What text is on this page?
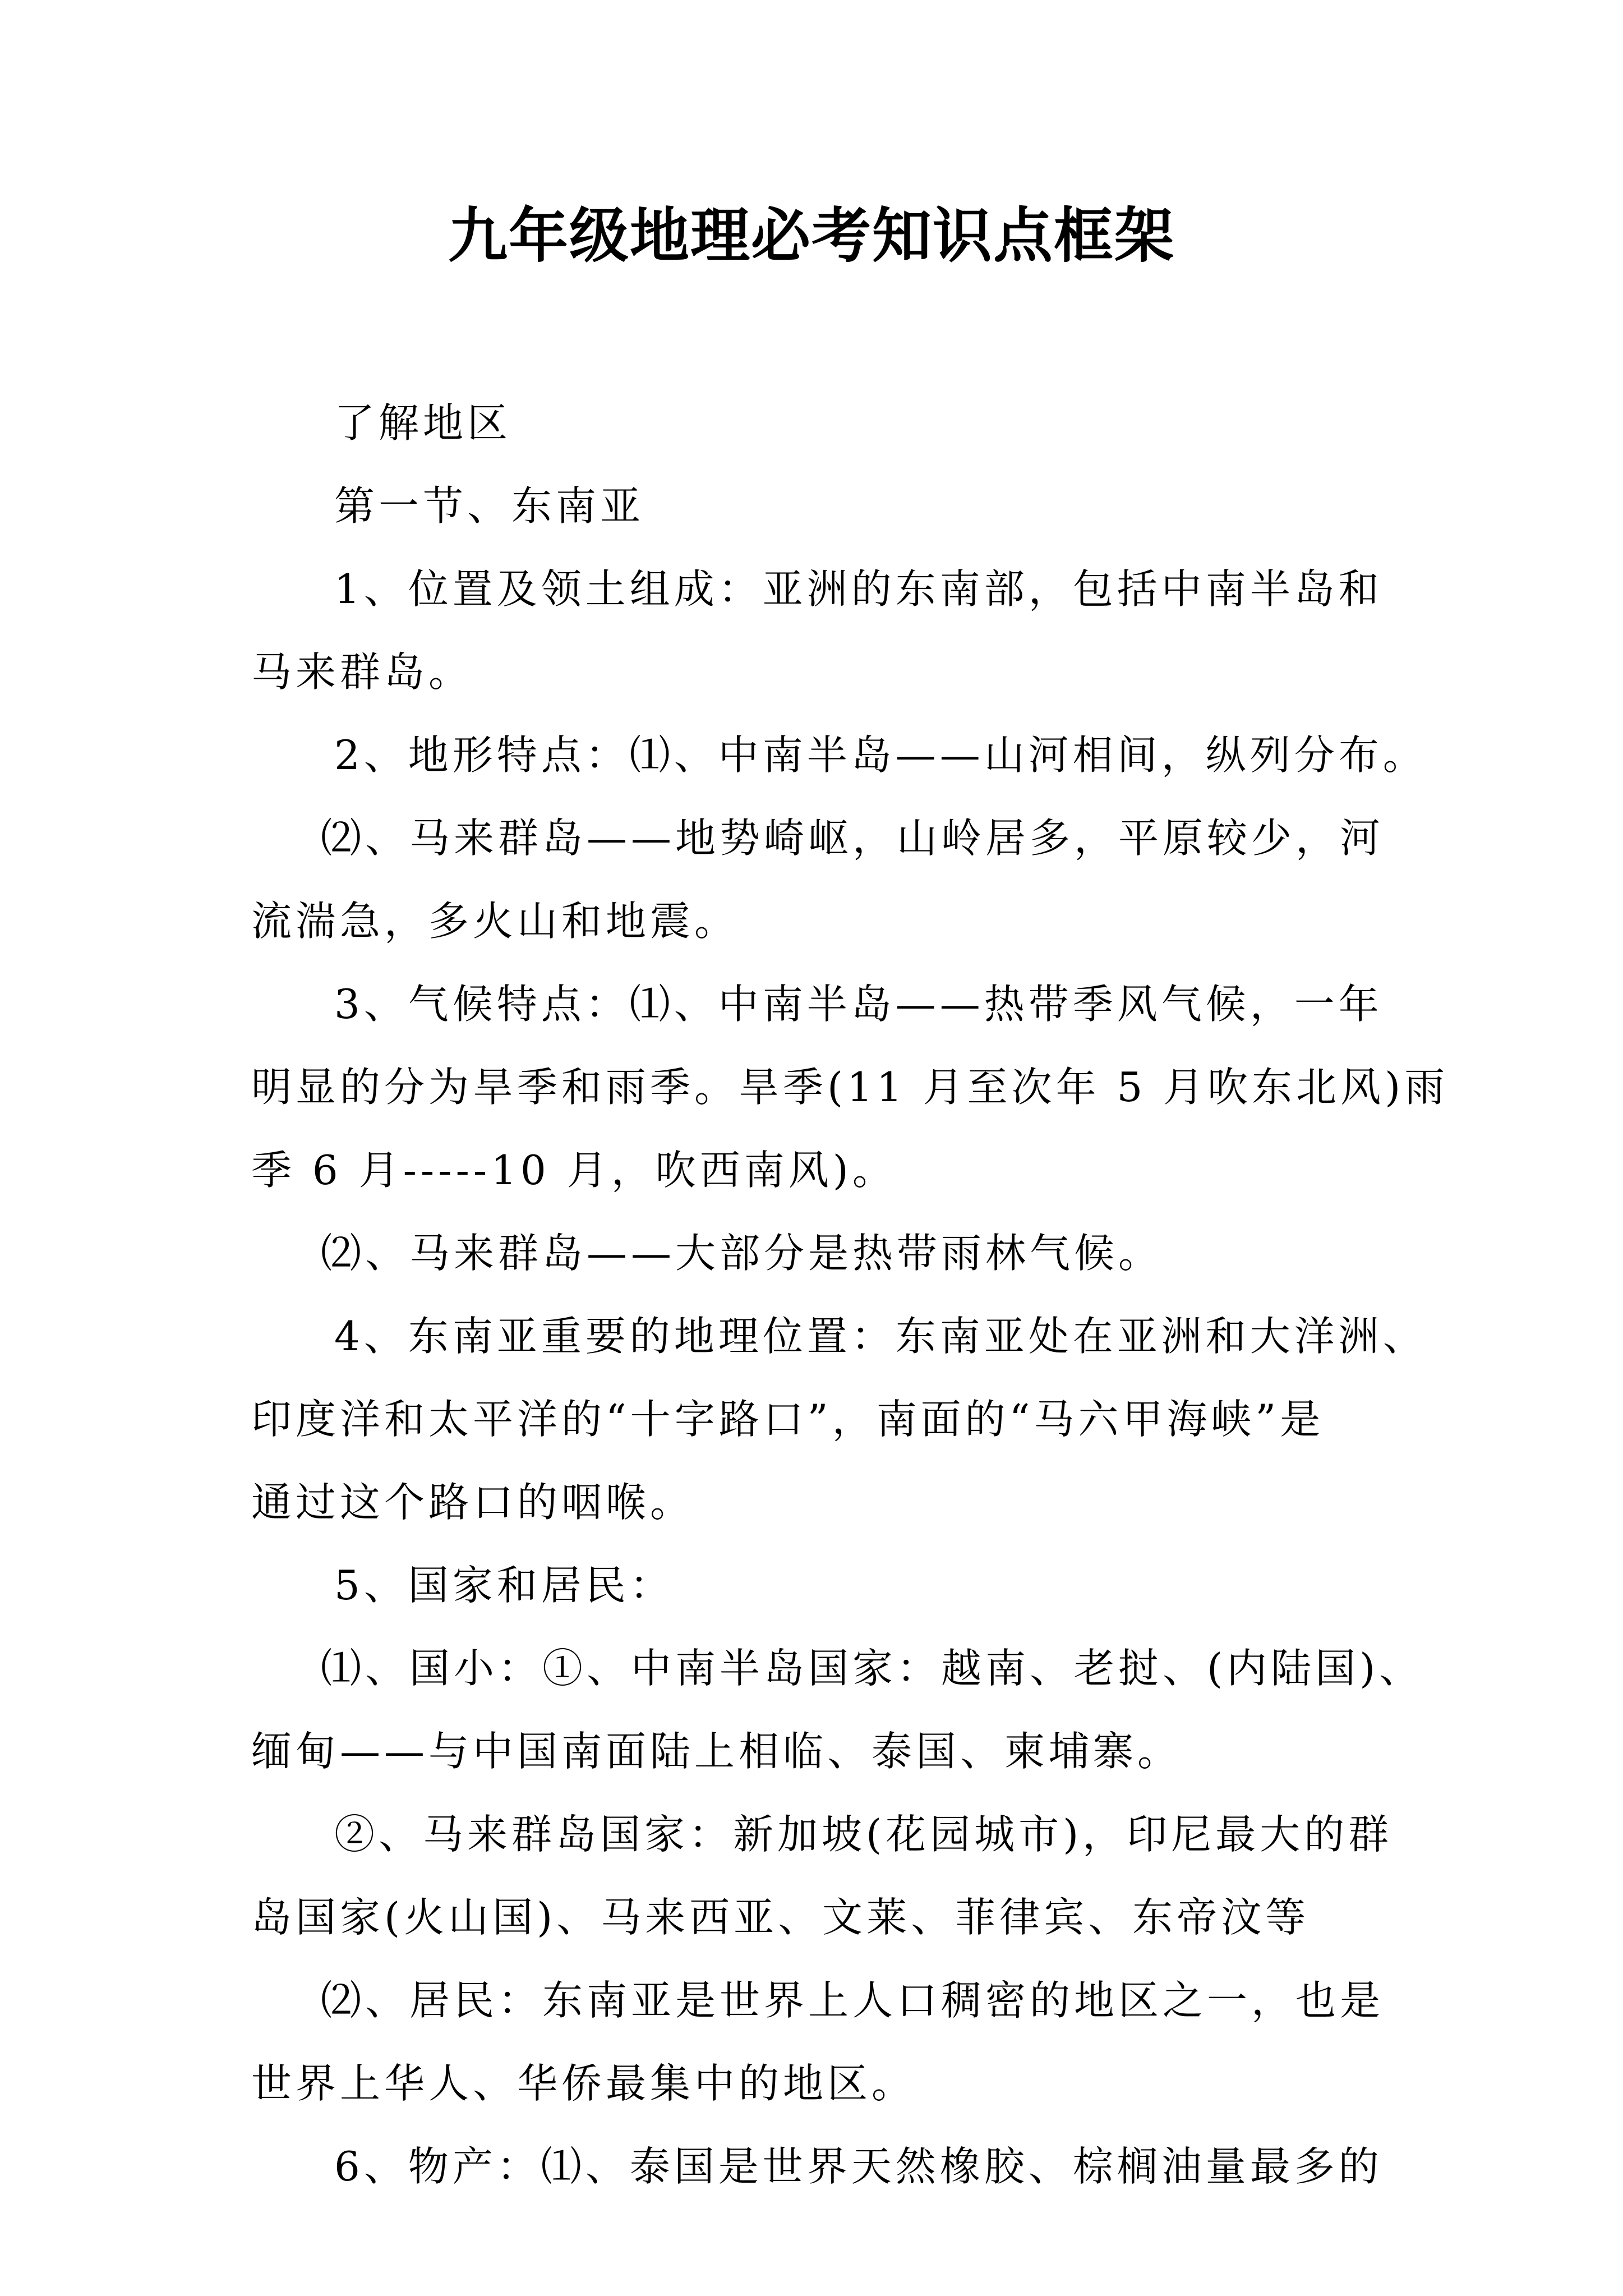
九年级地理必考知识点框架
了解地区
第一节、东南亚
1、位置及领土组成：亚洲的东南部，包括中南半岛和
马来群岛。
2、地形特点：⑴、中南半岛——山河相间，纵列分布。
⑵、马来群岛——地势崎岖，山岭居多，平原较少，河
流湍急，多火山和地震。
3、气候特点：⑴、中南半岛——热带季风气候，一年
明显的分为旱季和雨季。旱季(11 月至次年 5 月吹东北风)雨
季 6 月-----10 月，吹西南风)。
⑵、马来群岛——大部分是热带雨林气候。
4、东南亚重要的地理位置：东南亚处在亚洲和大洋洲、
印度洋和太平洋的“十字路口”，南面的“马六甲海峡”是
通过这个路口的咽喉。
5、国家和居民：
⑴、国小：①、中南半岛国家：越南、老挝、(内陆国)、
缅甸——与中国南面陆上相临、泰国、柬埔寨。
②、马来群岛国家：新加坡(花园城市)，印尼最大的群
岛国家(火山国)、马来西亚、文莱、菲律宾、东帝汶等
⑵、居民：东南亚是世界上人口稠密的地区之一，也是
世界上华人、华侨最集中的地区。
6、物产：⑴、泰国是世界天然橡胶、棕榈油量最多的
